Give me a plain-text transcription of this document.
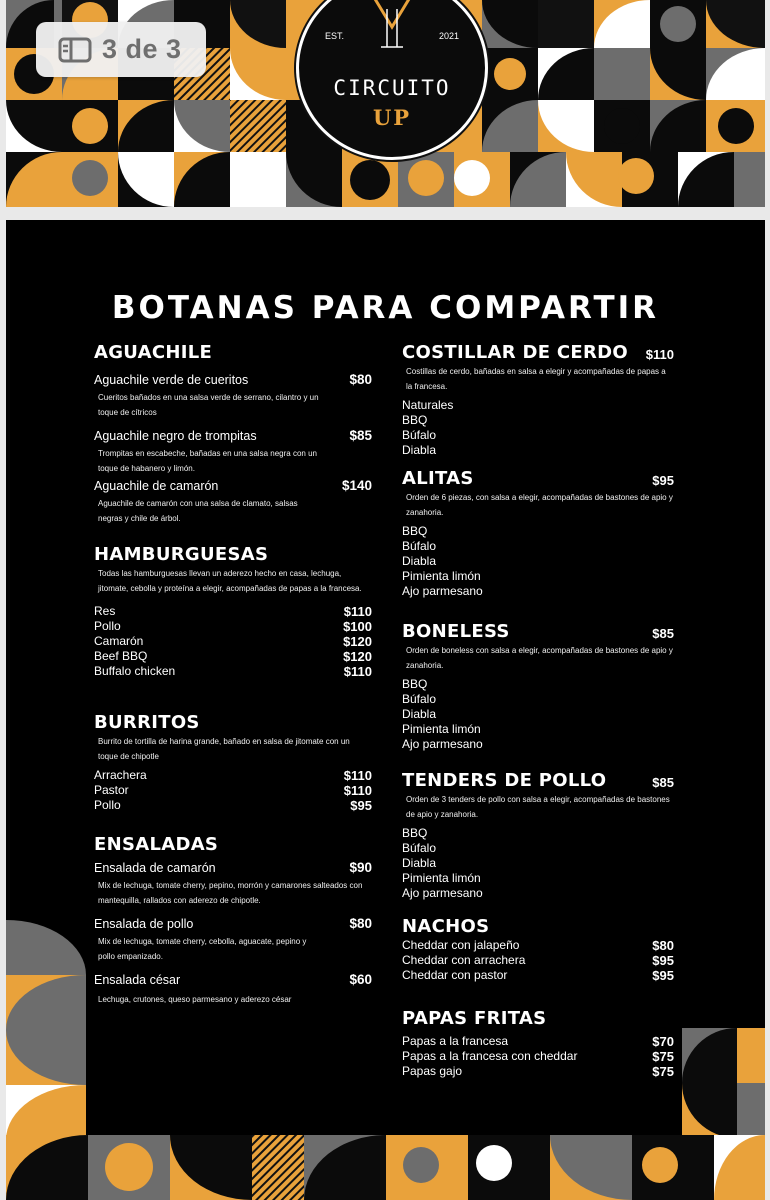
EST.	2021
CIRCUITO
UP
3 de 3
BOTANAS PARA COMPARTIR
AGUACHILE
Aguachile verde de cueritos	$80
Cueritos bañados en una salsa verde de serrano, cilantro y un toque de cítricos
Aguachile negro de trompitas	$85
Trompitas en escabeche, bañadas en una salsa negra con un toque de habanero y limón.
Aguachile de camarón	$140
Aguachile de camarón con una salsa de clamato, salsas negras y chile de árbol.
HAMBURGUESAS
Todas las hamburguesas llevan un aderezo hecho en casa, lechuga, jitomate, cebolla y proteína a elegir, acompañadas de papas a la francesa.
Res	$110
Pollo	$100
Camarón	$120
Beef BBQ	$120
Buffalo chicken	$110
BURRITOS
Burrito de tortilla de harina grande, bañado en salsa de jitomate con un toque de chipotle
Arrachera	$110
Pastor	$110
Pollo	$95
ENSALADAS
Ensalada de camarón	$90
Mix de lechuga, tomate cherry, pepino, morrón y camarones salteados con mantequilla, rallados con aderezo de chipotle.
Ensalada de pollo	$80
Mix de lechuga, tomate cherry, cebolla, aguacate, pepino y pollo empanizado.
Ensalada césar	$60
Lechuga, crutones, queso parmesano y aderezo césar
COSTILLAR DE CERDO $110
Costillas de cerdo, bañadas en salsa a elegir y acompañadas de papas a la francesa.
Naturales
BBQ
Búfalo
Diabla
ALITAS	$95
Orden de 6 piezas, con salsa a elegir, acompañadas de bastones de apio y zanahoria.
BBQ
Búfalo
Diabla
Pimienta limón
Ajo parmesano
BONELESS	$85
Orden de boneless con salsa a elegir, acompañadas de bastones de apio y zanahoria.
BBQ
Búfalo
Diabla
Pimienta limón
Ajo parmesano
TENDERS DE POLLO	$85
Orden de 3 tenders de pollo con salsa a elegir, acompañadas de bastones de apio y zanahoria.
BBQ
Búfalo
Diabla
Pimienta limón
Ajo parmesano
NACHOS
Cheddar con jalapeño	$80
Cheddar con arrachera	$95
Cheddar con pastor	$95
PAPAS FRITAS
Papas a la francesa	$70
Papas a la francesa con cheddar	$75
Papas gajo	$75
